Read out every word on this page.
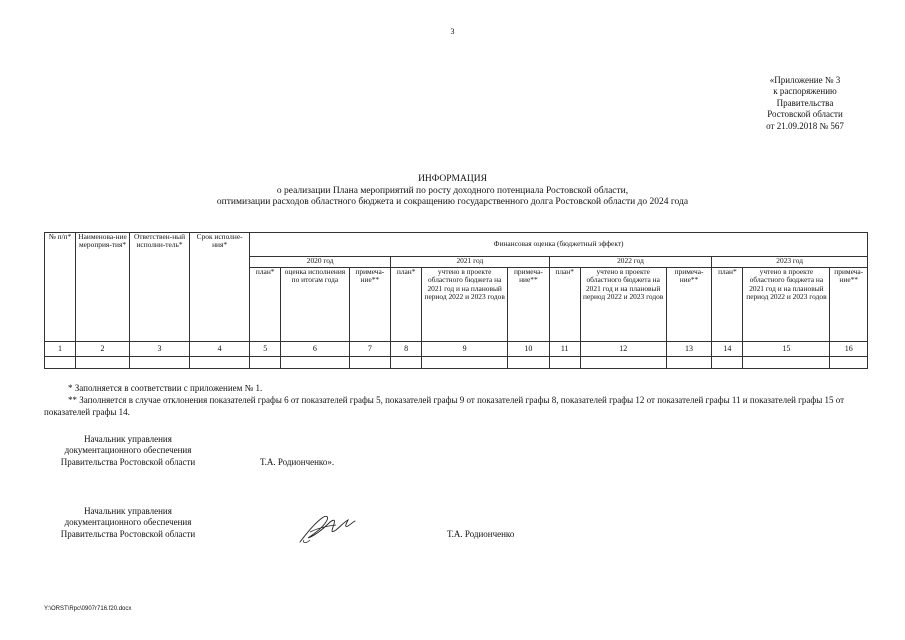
3
«Приложение № 3
к распоряжению
Правительства
Ростовской области
от 21.09.2018 № 567
ИНФОРМАЦИЯ
о реализации Плана мероприятий по росту доходного потенциала Ростовской области,
оптимизации расходов областного бюджета и сокращению государственного долга Ростовской области до 2024 года
№ п/п*	Наименова-ние мероприя-тия*	Ответствен-ный исполни-тель*	Срок исполне-ния*	Финансовая оценка (бюджетный эффект)											
				2020 год			2021 год			2022 год			2023 год		
				план*	оценка исполнения по итогам года	примеча-ние**	план*	учтено в проекте областного бюджета на 2021 год и на плановый период 2022 и 2023 годов	примеча-ние**	план*	учтено в проекте областного бюджета на 2021 год и на плановый период 2022 и 2023 годов	примеча-ние**	план*	учтено в проекте областного бюджета на 2021 год и на плановый период 2022 и 2023 годов	примеча-ние**
1	2	3	4	5	6	7	8	9	10	11	12	13	14	15	16

* Заполняется в соответствии с приложением № 1.
** Заполняется в случае отклонения показателей графы 6 от показателей графы 5, показателей графы 9 от показателей графы 8, показателей графы 12 от показателей графы 11 и показателей графы 15 от показателей графы 14.
Начальник управления
документационного обеспечения
Правительства Ростовской области	Т.А. Родионченко».
Начальник управления
документационного обеспечения
Правительства Ростовской области	Т.А. Родионченко
Y:\ORST\Rpc\0907r716.f20.docx
